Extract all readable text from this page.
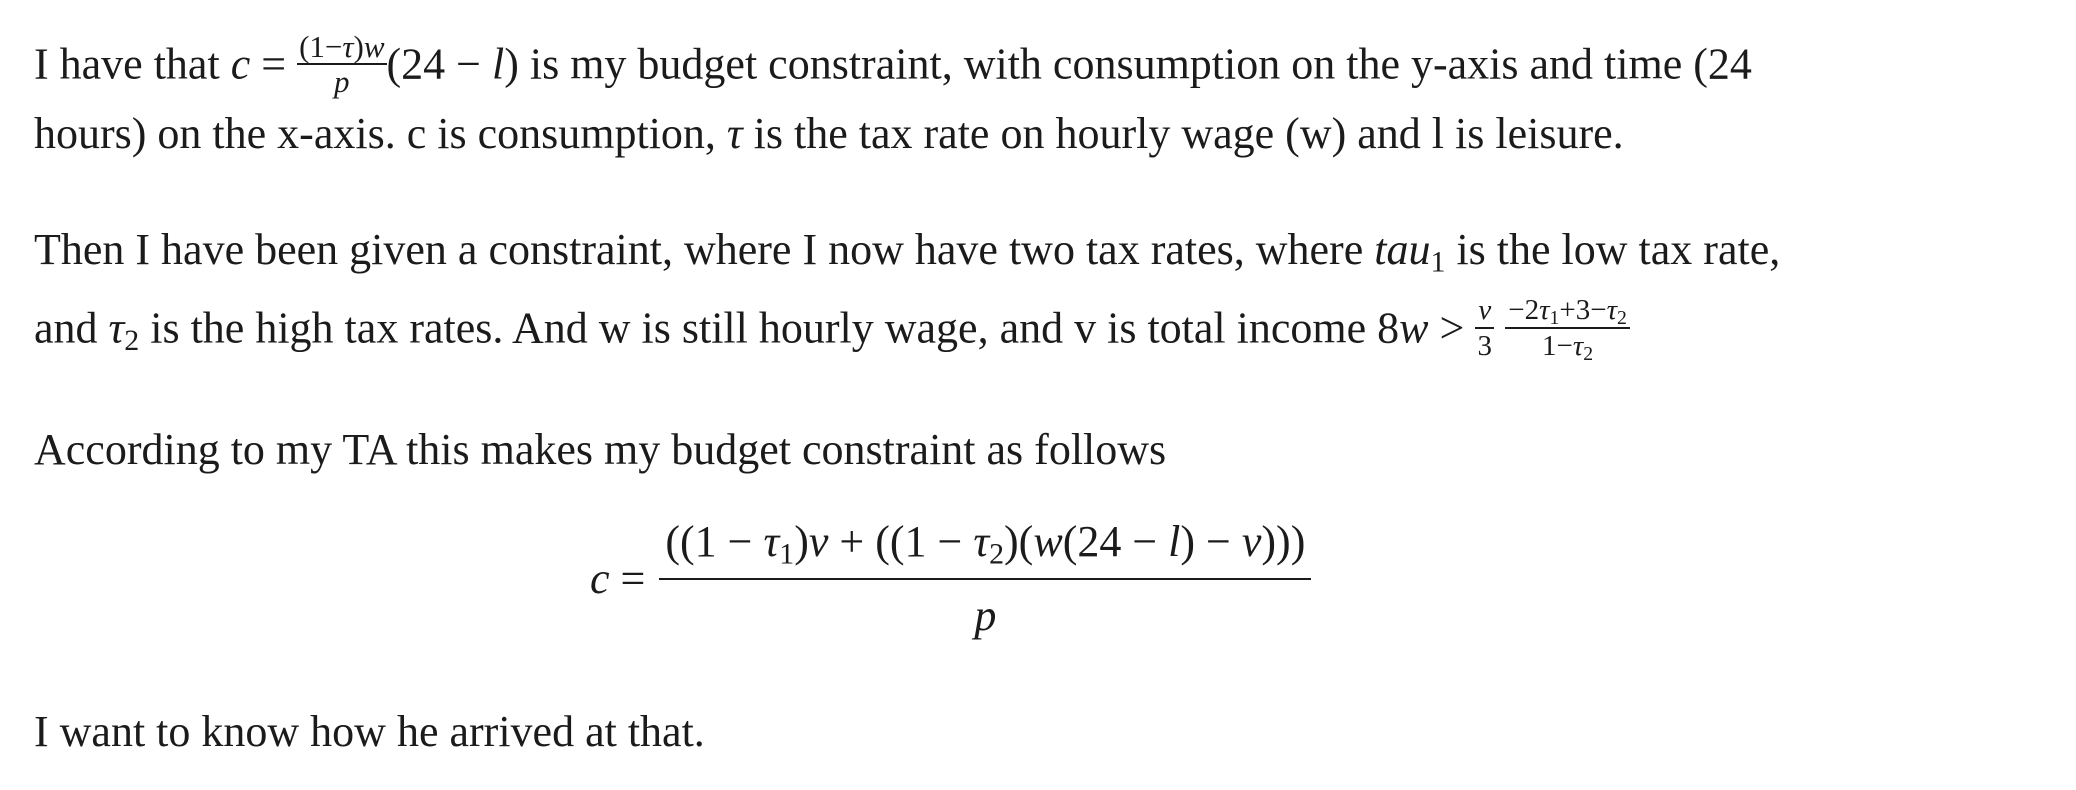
I have that $c = \frac{(1-\tau)w}{p} (24 - l)$ is my budget constraint, with consumption on the y-axis and time (24
hours) on the x-axis. c is consumption, τ is the tax rate on hourly wage (w) and l is leisure.
Then I have been given a constraint, where I now have two tax rates, where tau$_1$ is the low tax rate,
and $\tau_2$ is the high tax rates. And w is still hourly wage, and v is total income $8w > \frac{v}{3}$
$\frac{-2\tau_1+3-\tau_2}{1-\tau_2}$
According to my TA this makes my budget constraint as follows
$c = \frac{((1 - \tau_1)v + ((1 - \tau_2)(w(24 - l) - v)))}{p}$
I want to know how he arrived at that.
